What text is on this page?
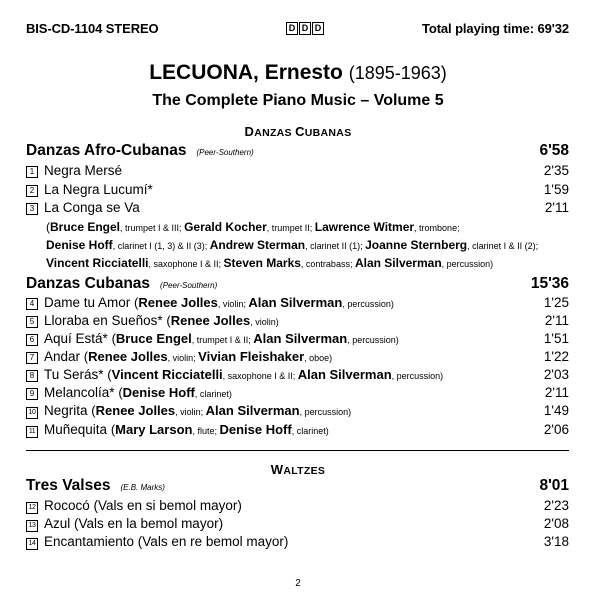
BIS-CD-1104 STEREO	D D D	Total playing time: 69'32
LECUONA, Ernesto (1895-1963)
The Complete Piano Music – Volume 5
DANZAS CUBANAS
Danzas Afro-Cubanas (Peer-Southern)	6'58
1 Negra Mersé	2'35
2 La Negra Lucumí*	1'59
3 La Conga se Va	2'11
(Bruce Engel, trumpet I & III; Gerald Kocher, trumpet II; Lawrence Witmer, trombone;
Denise Hoff, clarinet I (1, 3) & II (3); Andrew Sterman, clarinet II (1); Joanne Sternberg, clarinet I & II (2);
Vincent Ricciatelli, saxophone I & II; Steven Marks, contrabass; Alan Silverman, percussion)
Danzas Cubanas (Peer-Southern)	15'36
4 Dame tu Amor (Renee Jolles, violin; Alan Silverman, percussion)	1'25
5 Lloraba en Sueños* (Renee Jolles, violin)	2'11
6 Aquí Está* (Bruce Engel, trumpet I & II; Alan Silverman, percussion)	1'51
7 Andar (Renee Jolles, violin; Vivian Fleishaker, oboe)	1'22
8 Tu Serás* (Vincent Ricciatelli, saxophone I & II; Alan Silverman, percussion)	2'03
9 Melancolía* (Denise Hoff, clarinet)	2'11
10 Negrita (Renee Jolles, violin; Alan Silverman, percussion)	1'49
11 Muñequita (Mary Larson, flute; Denise Hoff, clarinet)	2'06
WALTZES
Tres Valses (E.B. Marks)	8'01
12 Rococó (Vals en si bemol mayor)	2'23
13 Azul (Vals en la bemol mayor)	2'08
14 Encantamiento (Vals en re bemol mayor)	3'18
2
